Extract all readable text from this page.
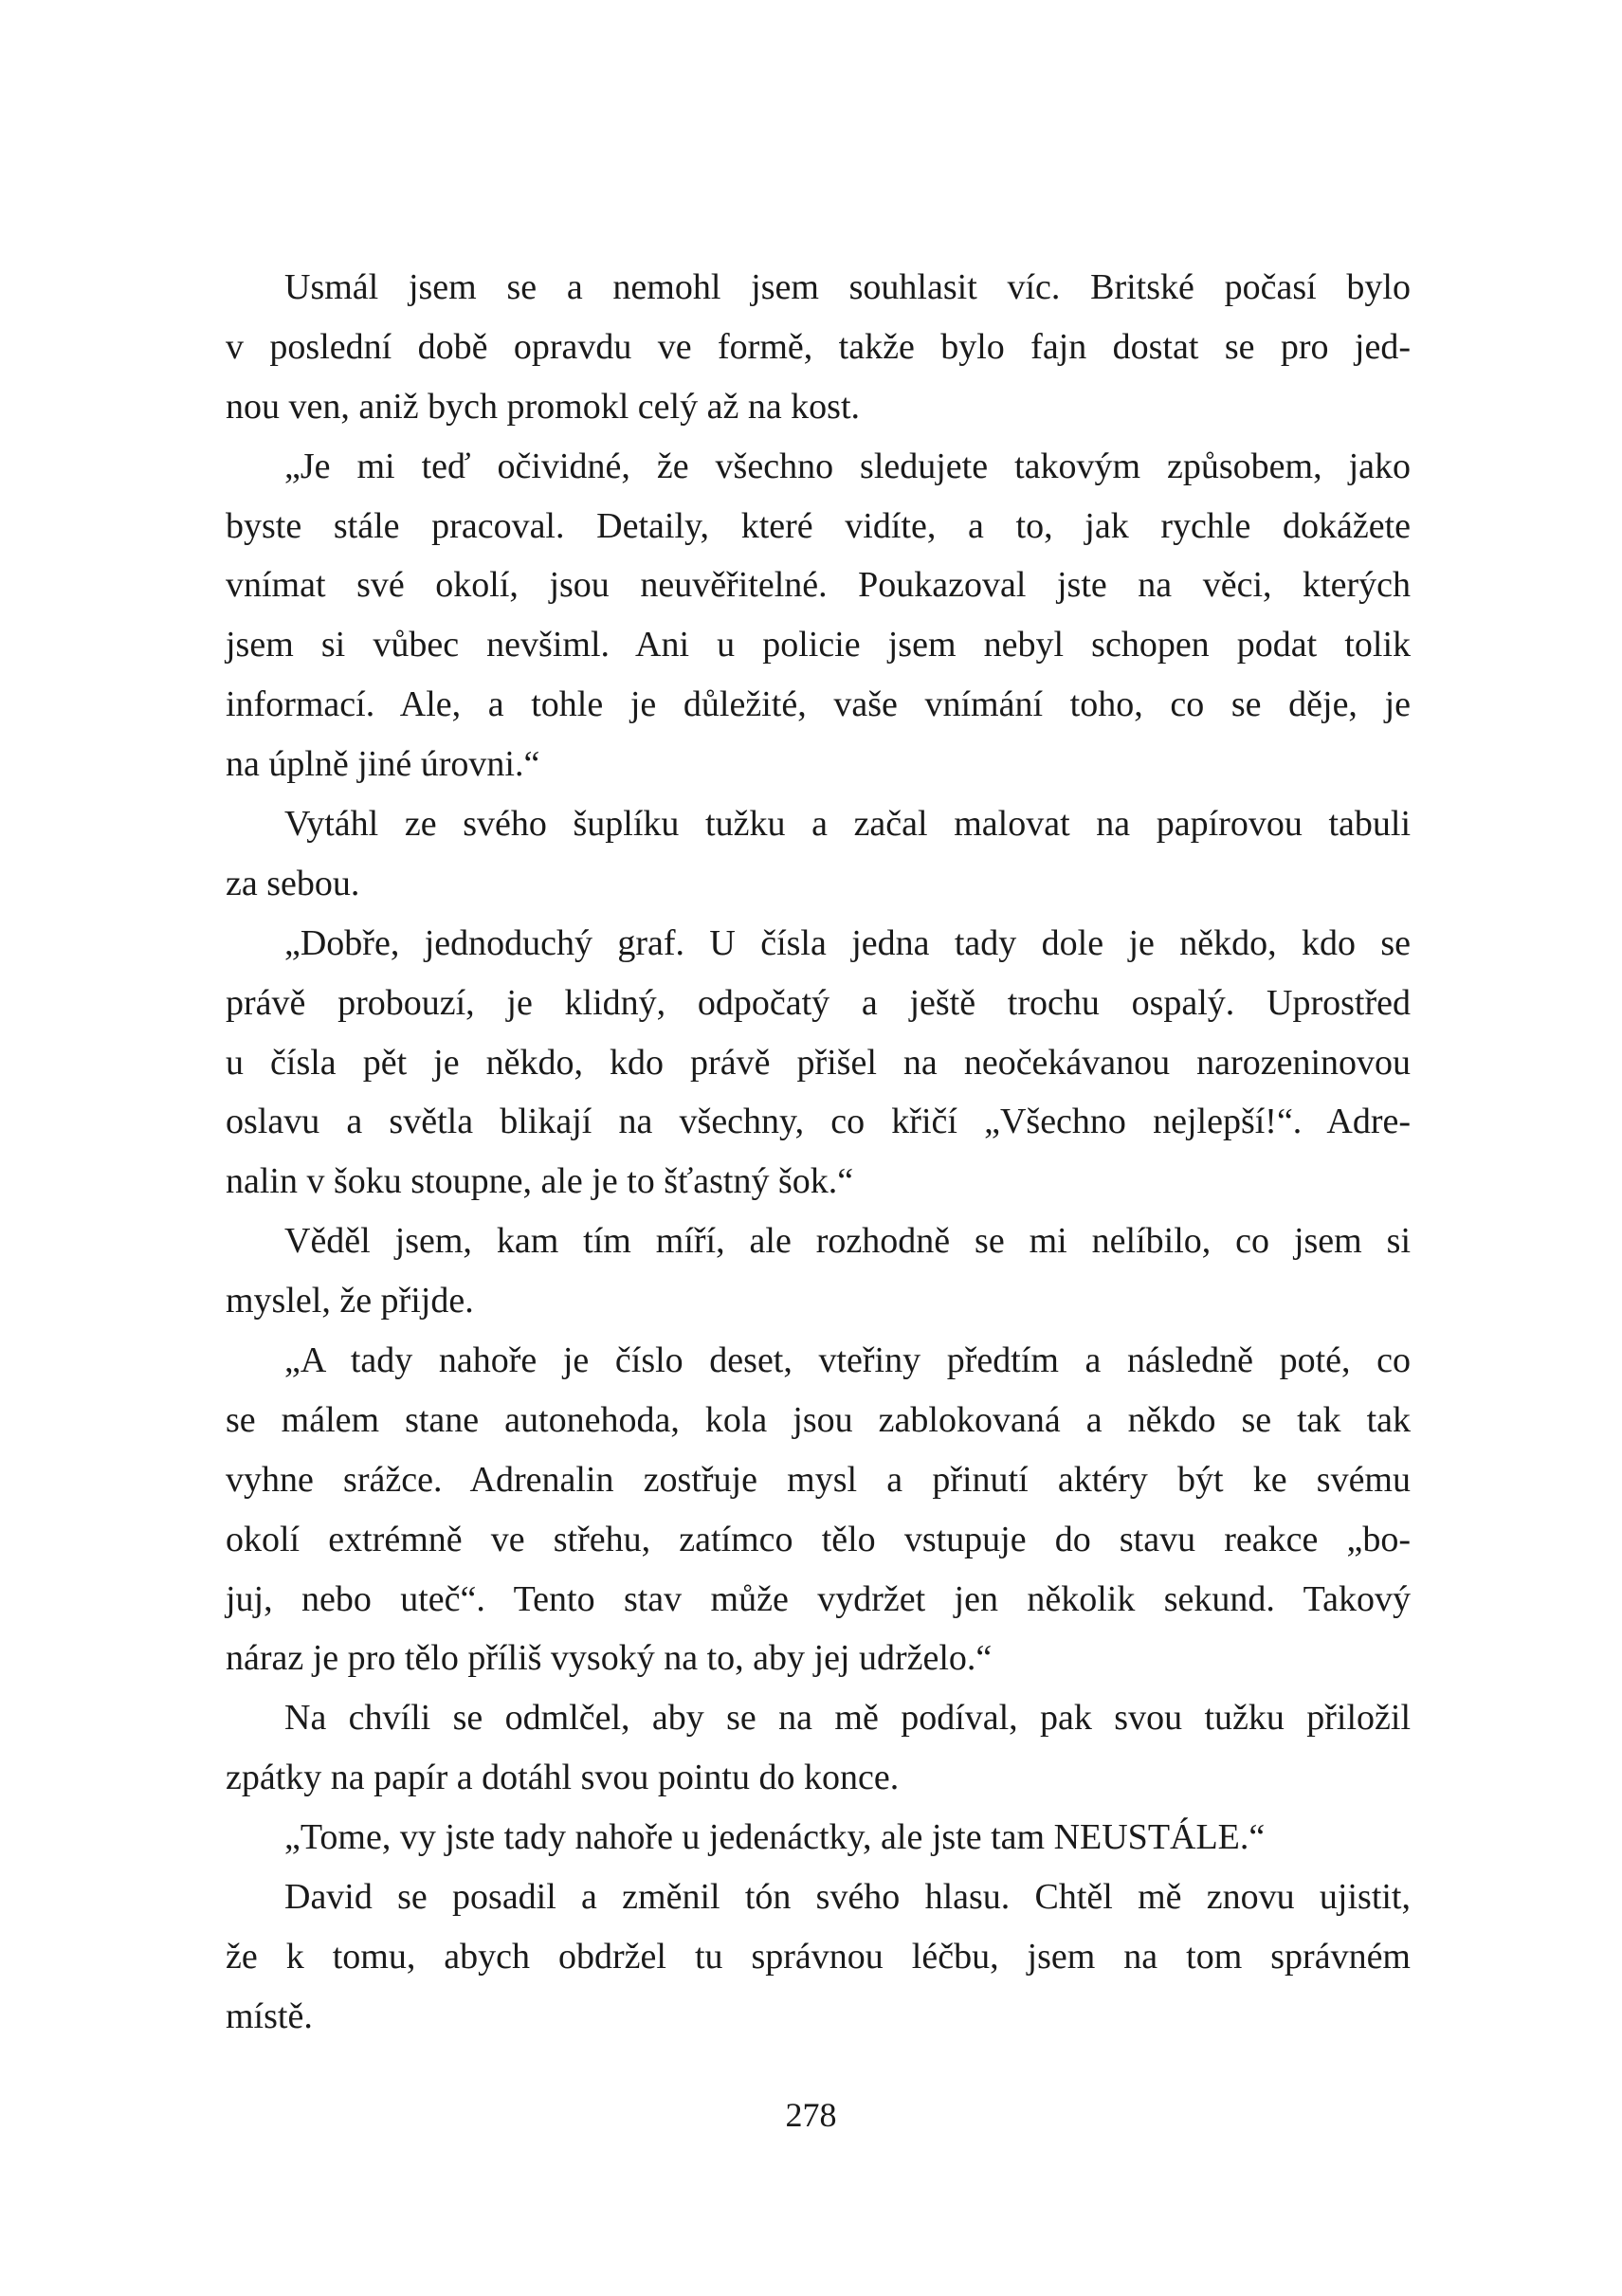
Usmál jsem se a nemohl jsem souhlasit víc. Britské počasí bylo
v poslední době opravdu ve formě, takže bylo fajn dostat se pro jed-
nou ven, aniž bych promokl celý až na kost.
„Je mi teď očividné, že všechno sledujete takovým způsobem, jako
byste stále pracoval. Detaily, které vidíte, a to, jak rychle dokážete
vnímat své okolí, jsou neuvěřitelné. Poukazoval jste na věci, kterých
jsem si vůbec nevšiml. Ani u policie jsem nebyl schopen podat tolik
informací. Ale, a tohle je důležité, vaše vnímání toho, co se děje, je
na úplně jiné úrovni.“
Vytáhl ze svého šuplíku tužku a začal malovat na papírovou tabuli
za sebou.
„Dobře, jednoduchý graf. U čísla jedna tady dole je někdo, kdo se
právě probouzí, je klidný, odpočatý a ještě trochu ospalý. Uprostřed
u čísla pět je někdo, kdo právě přišel na neočekávanou narozeninovou
oslavu a světla blikají na všechny, co křičí „Všechno nejlepší!“. Adre-
nalin v šoku stoupne, ale je to šťastný šok.“
Věděl jsem, kam tím míří, ale rozhodně se mi nelíbilo, co jsem si
myslel, že přijde.
„A tady nahoře je číslo deset, vteřiny předtím a následně poté, co
se málem stane autonehoda, kola jsou zablokovaná a někdo se tak tak
vyhne srážce. Adrenalin zostřuje mysl a přinutí aktéry být ke svému
okolí extrémně ve střehu, zatímco tělo vstupuje do stavu reakce „bo-
juj, nebo uteč“. Tento stav může vydržet jen několik sekund. Takový
náraz je pro tělo příliš vysoký na to, aby jej udrželo.“
Na chvíli se odmlčel, aby se na mě podíval, pak svou tužku přiložil
zpátky na papír a dotáhl svou pointu do konce.
„Tome, vy jste tady nahoře u jedenáctky, ale jste tam NEUSTÁLE.“
David se posadil a změnil tón svého hlasu. Chtěl mě znovu ujistit,
že k tomu, abych obdržel tu správnou léčbu, jsem na tom správném
místě.
278
